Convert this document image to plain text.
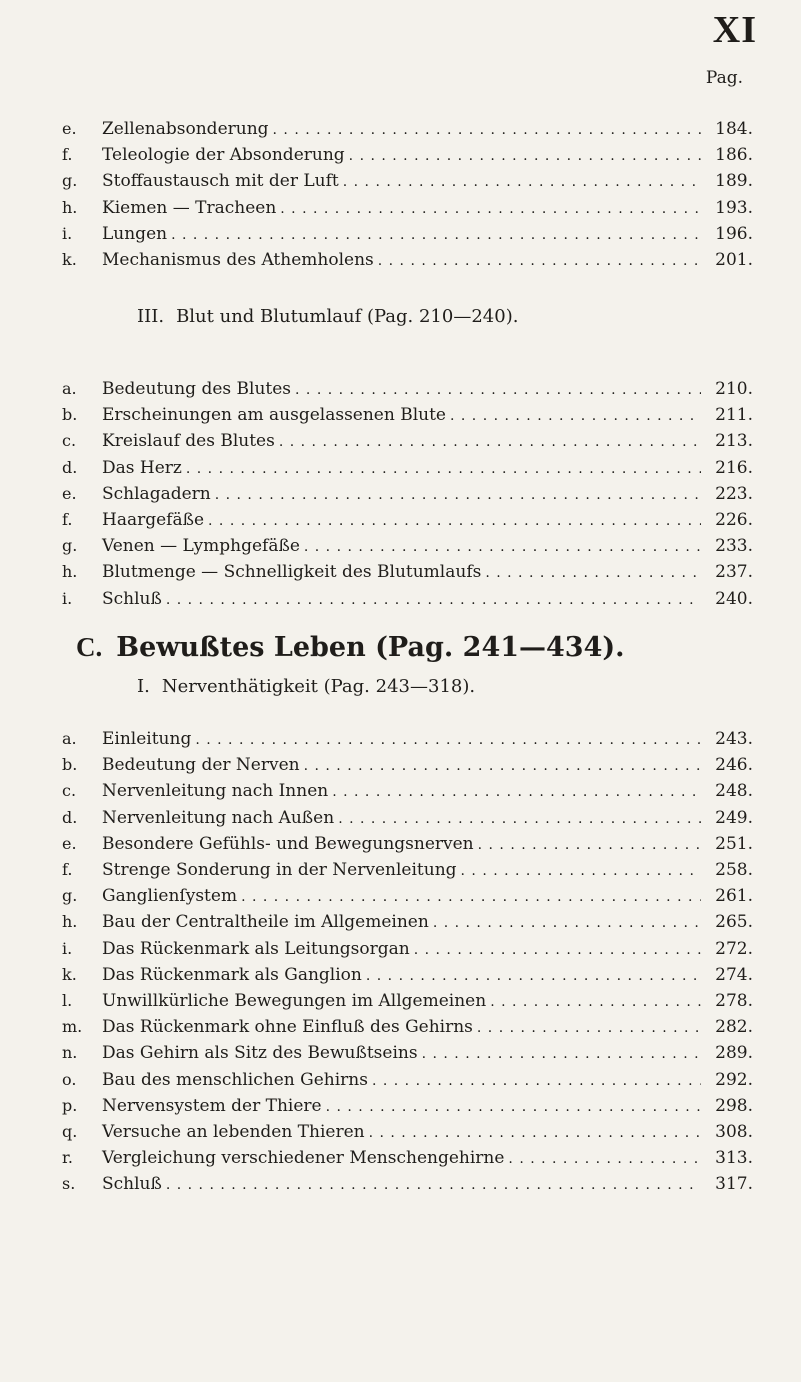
XI
Pag.
e.	Zellenabsonderung . . .	184.
f.	Teleologie der Absonderung . . .	186.
g.	Stoffaustausch mit der Luft . . .	189.
h.	Kiemen — Tracheen . . .	193.
i.	Lungen . . .	196.
k.	Mechanismus des Athemholens . . .	201.
III. Blut und Blutumlauf (Pag. 210—240).
a.	Bedeutung des Blutes . . .	210.
b.	Erscheinungen am ausgelassenen Blute . . .	211.
c.	Kreislauf des Blutes . . .	213.
d.	Das Herz . . .	216.
e.	Schlagadern . . .	223.
f.	Haargefäße . . .	226.
g.	Venen — Lymphgefäße . . .	233.
h.	Blutmenge — Schnelligkeit des Blutumlaufs . . .	237.
i.	Schluß . . .	240.
C. Bewußtes Leben (Pag. 241—434).
I. Nerventhätigkeit (Pag. 243—318).
a.	Einleitung . . .	243.
b.	Bedeutung der Nerven . . .	246.
c.	Nervenleitung nach Innen . . .	248.
d.	Nervenleitung nach Außen . . .	249.
e.	Besondere Gefühls- und Bewegungsnerven . . .	251.
f.	Strenge Sonderung in der Nervenleitung . . .	258.
g.	Ganglienſystem . . .	261.
h.	Bau der Centraltheile im Allgemeinen . . .	265.
i.	Das Rückenmark als Leitungsorgan . . .	272.
k.	Das Rückenmark als Ganglion . . .	274.
l.	Unwillkürliche Bewegungen im Allgemeinen . . .	278.
m.	Das Rückenmark ohne Einfluß des Gehirns . . .	282.
n.	Das Gehirn als Sitz des Bewußtseins . . .	289.
o.	Bau des menschlichen Gehirns . . .	292.
p.	Nervensystem der Thiere . . .	298.
q.	Versuche an lebenden Thieren . . .	308.
r.	Vergleichung verschiedener Menschengehirne . . .	313.
s.	Schluß . . .	317.
